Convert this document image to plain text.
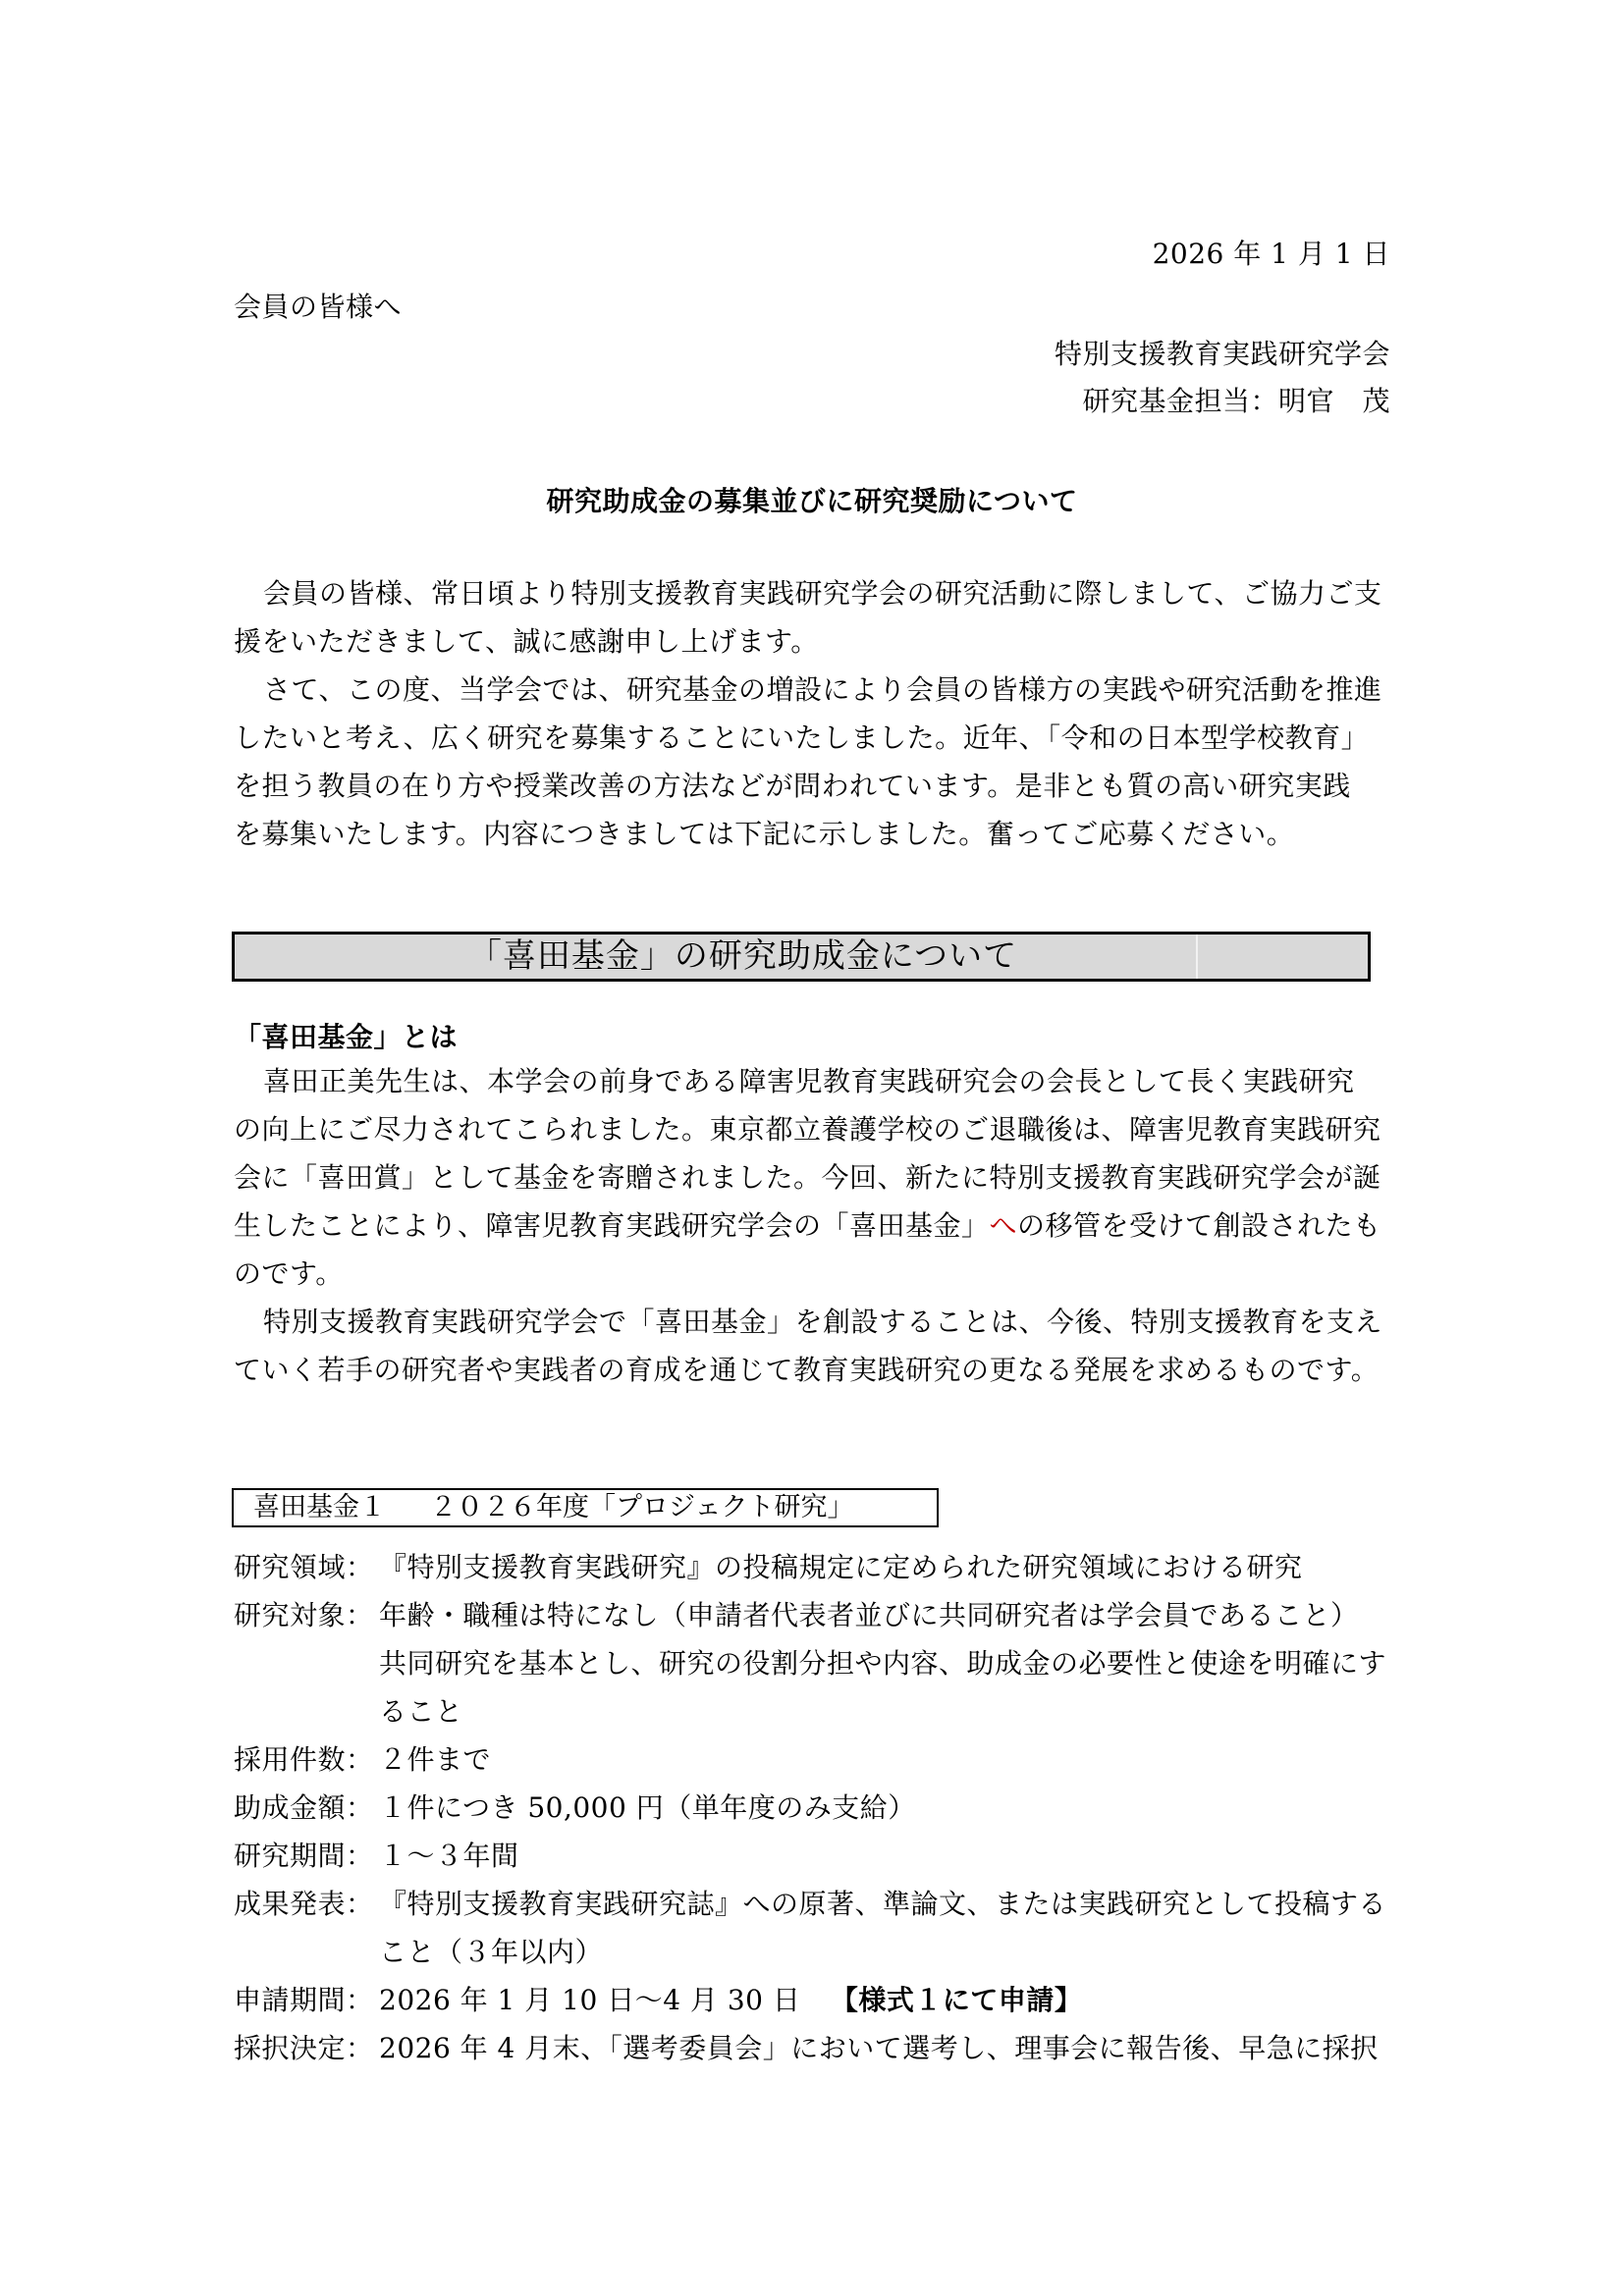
2026 年 1 月 1 日
会員の皆様へ
特別支援教育実践研究学会
研究基金担当：明官　茂
研究助成金の募集並びに研究奨励について
会員の皆様、常日頃より特別支援教育実践研究学会の研究活動に際しまして、ご協力ご支
援をいただきまして、誠に感謝申し上げます。
さて、この度、当学会では、研究基金の増設により会員の皆様方の実践や研究活動を推進
したいと考え、広く研究を募集することにいたしました。近年、「令和の日本型学校教育」
を担う教員の在り方や授業改善の方法などが問われています。是非とも質の高い研究実践
を募集いたします。内容につきましては下記に示しました。奮ってご応募ください。
「喜田基金」の研究助成金について
「喜田基金」とは
喜田正美先生は、本学会の前身である障害児教育実践研究会の会長として長く実践研究
の向上にご尽力されてこられました。東京都立養護学校のご退職後は、障害児教育実践研究
会に「喜田賞」として基金を寄贈されました。今回、新たに特別支援教育実践研究学会が誕
生したことにより、障害児教育実践研究学会の「喜田基金」への移管を受けて創設されたも
のです。
特別支援教育実践研究学会で「喜田基金」を創設することは、今後、特別支援教育を支え
ていく若手の研究者や実践者の育成を通じて教育実践研究の更なる発展を求めるものです。
喜田基金１ ２０２６年度「プロジェクト研究」
研究領域： 『特別支援教育実践研究』の投稿規定に定められた研究領域における研究
研究対象： 年齢・職種は特になし（申請者代表者並びに共同研究者は学会員であること）
共同研究を基本とし、研究の役割分担や内容、助成金の必要性と使途を明確にす
ること
採用件数： ２件まで
助成金額： １件につき 50,000 円（単年度のみ支給）
研究期間： １～３年間
成果発表： 『特別支援教育実践研究誌』への原著、準論文、または実践研究として投稿する
こと（３年以内）
申請期間： 2026 年 1 月 10 日～4 月 30 日　【様式１にて申請】
採択決定： 2026 年 4 月末、「選考委員会」において選考し、理事会に報告後、早急に採択
